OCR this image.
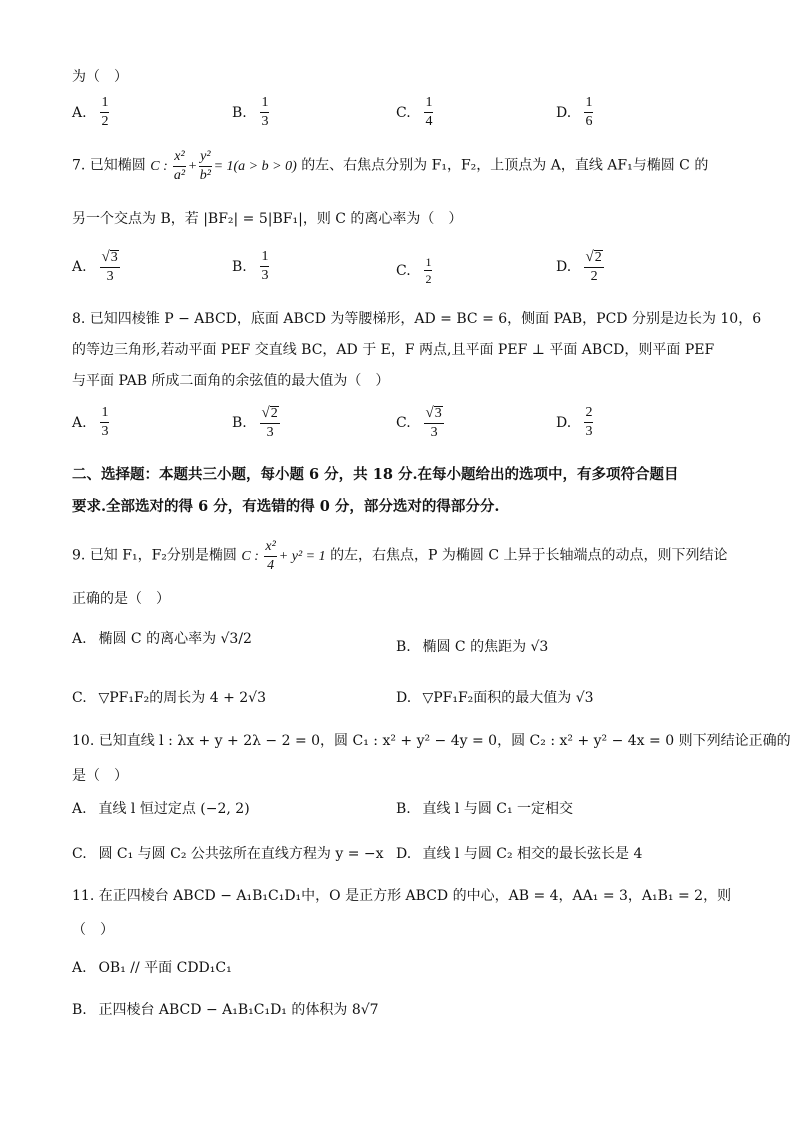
为（　）
A. $\frac{1}{2}$	B. $\frac{1}{3}$	C. $\frac{1}{4}$	D. $\frac{1}{6}$
7. 已知椭圆 C : $\frac{\text{x²}}{\text{a²}} + \frac{\text{y²}}{\text{b²}} = 1(a > b > 0)$ 的左、右焦点分别为 F₁，F₂，上顶点为 A，直线 AF₁与椭圆 C 的
另一个交点为 B，若 |BF₂| = 5|BF₁|，则 C 的离心率为（　）
A. $\frac{√ 3}{3}$	B. $\frac{1}{3}$	C. $\frac{1}{2}$	D. $\frac{√ 2}{2}$
8. 已知四棱锥 P − ABCD，底面 ABCD 为等腰梯形，AD = BC = 6，侧面 PAB，PCD 分别是边长为 10，6
的等边三角形,若动平面 PEF 交直线 BC，AD 于 E，F 两点,且平面 PEF ⊥ 平面 ABCD，则平面 PEF
与平面 PAB 所成二面角的余弦值的最大值为（　）
A. $\frac{1}{3}$	B. $\frac{√ 2}{3}$	C. $\frac{√ 3}{3}$	D. $\frac{2}{3}$
二、选择题：本题共三小题，每小题 6 分，共 18 分.在每小题给出的选项中，有多项符合题目
要求.全部选对的得 6 分，有选错的得 0 分，部分选对的得部分分.
9. 已知 F₁，F₂分别是椭圆 C : $\frac{\text{x²}}{4} + y^2 = 1$ 的左，右焦点，P 为椭圆 C 上异于长轴端点的动点，则下列结论
正确的是（　）
A. 椭圆 C 的离心率为 √3/2	B. 椭圆 C 的焦距为 √3
C. ▽PF₁F₂的周长为 4 + 2√3	D. ▽PF₁F₂面积的最大值为 √3
10. 已知直线 l : λx + y + 2λ − 2 = 0，圆 C₁ : x² + y² − 4y = 0，圆 C₂ : x² + y² − 4x = 0 则下列结论正确的
是（　）
A. 直线 l 恒过定点 (−2, 2)	B. 直线 l 与圆 C₁ 一定相交
C. 圆 C₁ 与圆 C₂ 公共弦所在直线方程为 y = −x D. 直线 l 与圆 C₂ 相交的最长弦长是 4
11. 在正四棱台 ABCD − A₁B₁C₁D₁中，O 是正方形 ABCD 的中心，AB = 4，AA₁ = 3，A₁B₁ = 2，则
（　）
A. OB₁ // 平面 CDD₁C₁
B. 正四棱台 ABCD − A₁B₁C₁D₁ 的体积为 8√7
